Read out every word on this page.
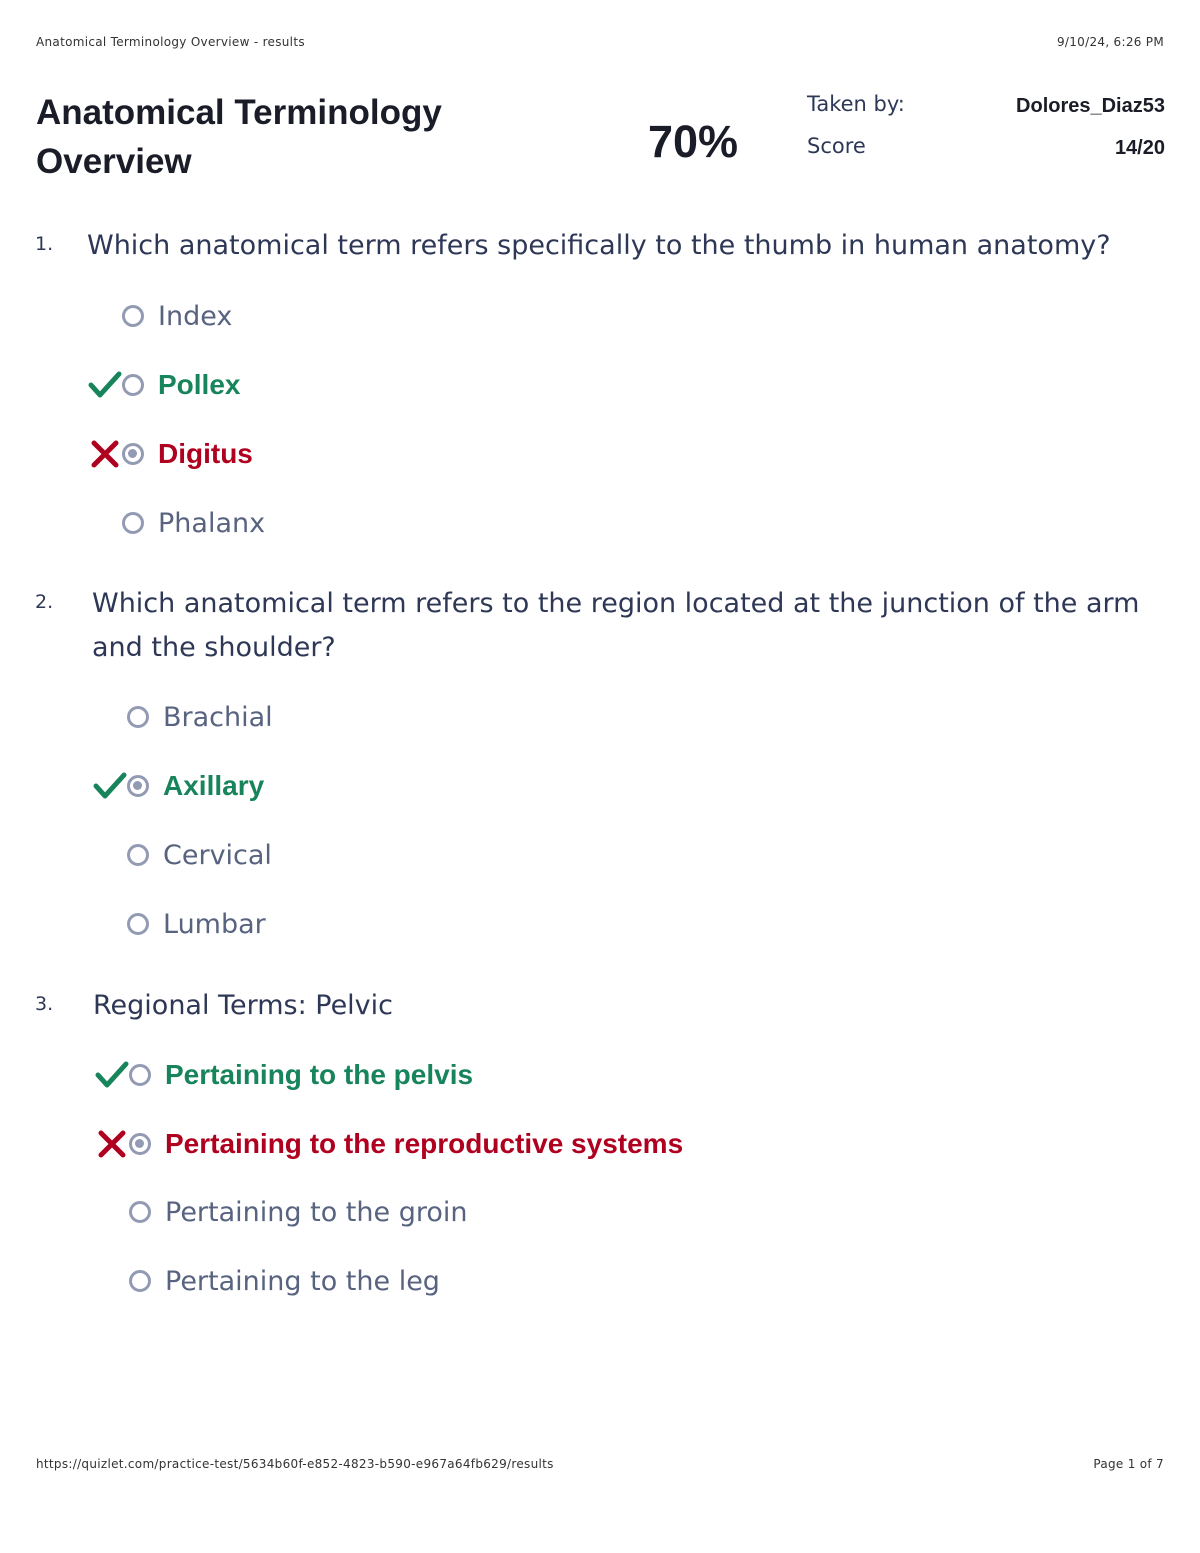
Anatomical Terminology Overview - results	9/10/24, 6:26 PM
Anatomical Terminology Overview	70%
Taken by:	Dolores_Diaz53
Score	14/20
1. Which anatomical term refers specifically to the thumb in human anatomy?
Index
Pollex
Digitus
Phalanx
2. Which anatomical term refers to the region located at the junction of the arm and the shoulder?
Brachial
Axillary
Cervical
Lumbar
3. Regional Terms: Pelvic
Pertaining to the pelvis
Pertaining to the reproductive systems
Pertaining to the groin
Pertaining to the leg
https://quizlet.com/practice-test/5634b60f-e852-4823-b590-e967a64fb629/results	Page 1 of 7
